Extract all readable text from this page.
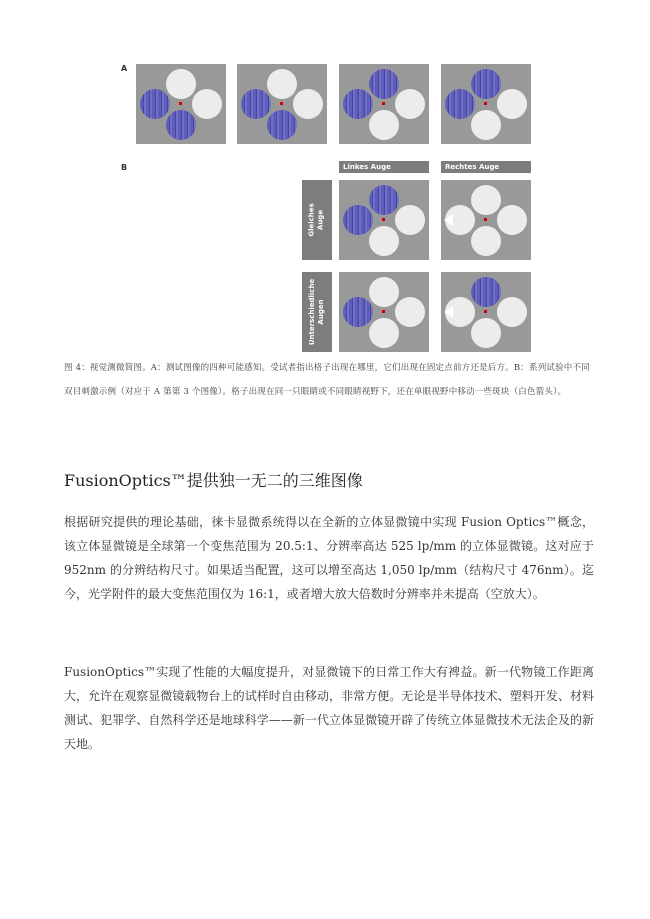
A
B	Linkes Auge	Rechtes Auge
Gleiches Auge
Unterschiedliche Augen
图 4：视觉测微简图。A：测试图像的四种可能感知。受试者指出格子出现在哪里，它们出现在固定点前方还是后方。B：系列试验中不同双目刺激示例（对应于 A 第第 3 个图像）。格子出现在同一只眼睛或不同眼睛视野下，还在单眼视野中移动一些斑块（白色箭头）。
FusionOptics™提供独一无二的三维图像
根据研究提供的理论基础，徕卡显微系统得以在全新的立体显微镜中实现 Fusion Optics™概念，该立体显微镜是全球第一个变焦范围为 20.5:1、分辨率高达 525 lp/mm 的立体显微镜。这对应于 952nm 的分辨结构尺寸。如果适当配置，这可以增至高达 1,050 lp/mm（结构尺寸 476nm）。迄今，光学附件的最大变焦范围仅为 16:1，或者增大放大倍数时分辨率并未提高（空放大）。
FusionOptics™实现了性能的大幅度提升，对显微镜下的日常工作大有裨益。新一代物镜工作距离大，允许在观察显微镜载物台上的试样时自由移动，非常方便。无论是半导体技术、塑料开发、材料测试、犯罪学、自然科学还是地球科学——新一代立体显微镜开辟了传统立体显微技术无法企及的新天地。
